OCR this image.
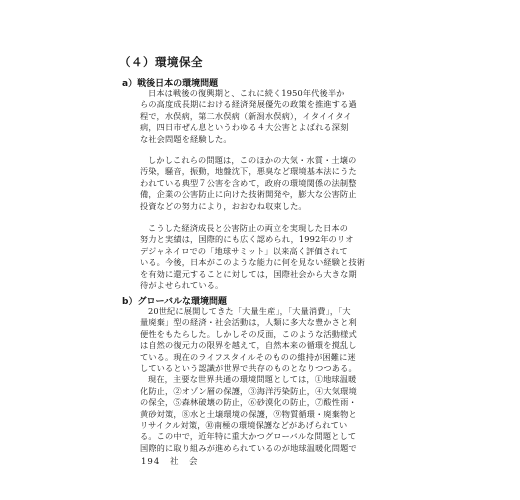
（４）環境保全
a）戦後日本の環境問題
日本は戦後の復興期と、これに続く1950年代後半か
らの高度成長期における経済発展優先の政策を推進する過
程で，水俣病，第二水俣病（新潟水俣病），イタイイタイ
病，四日市ぜん息というわゆる４大公害とよばれる深刻
な社会問題を経験した。
しかしこれらの問題は，このほかの大気・水質・土壌の
汚染，騒音，振動，地盤沈下，悪臭など環境基本法にうた
われている典型７公害を含めて，政府の環境関係の法制整
備，企業の公害防止に向けた技術開発や，膨大な公害防止
投資などの努力により，おおむね収束した。
こうした経済成長と公害防止の両立を実現した日本の
努力と実績は，国際的にも広く認められ，1992年のリオ
デジャネイロでの「地球サミット」以来高く評価されて
いる。今後，日本がこのような能力に何を見ない経験と技術
を有効に還元することに対しては，国際社会から大きな期
待がよせられている。
b）グローバルな環境問題
20世紀に展開してきた「大量生産」，「大量消費」，「大
量廃棄」型の経済・社会活動は，人類に多大な豊かさと利
便性をもたらした。しかしその反面，このような活動様式
は自然の復元力の限界を越えて，自然本来の循環を撹乱し
ている。現在のライフスタイルそのものの維持が困難に迷
しているという認識が世界で共存のものとなりつつある。
現在，主要な世界共通の環境問題としては，①地球温暖
化防止，②オゾン層の保護，③海洋汚染防止，④大気環境
の保全，⑤森林破壊の防止，⑥砂漠化の防止，⑦酸性雨・
黄砂対策，⑧水と土壌環境の保護，⑨物質循環・廃棄物と
リサイクル対策，⑩南極の環境保護などがあげられてい
る。この中で，近年特に重大かつグローバルな問題として
国際的に取り組みが進められているのが地球温暖化問題で
194 社　会
